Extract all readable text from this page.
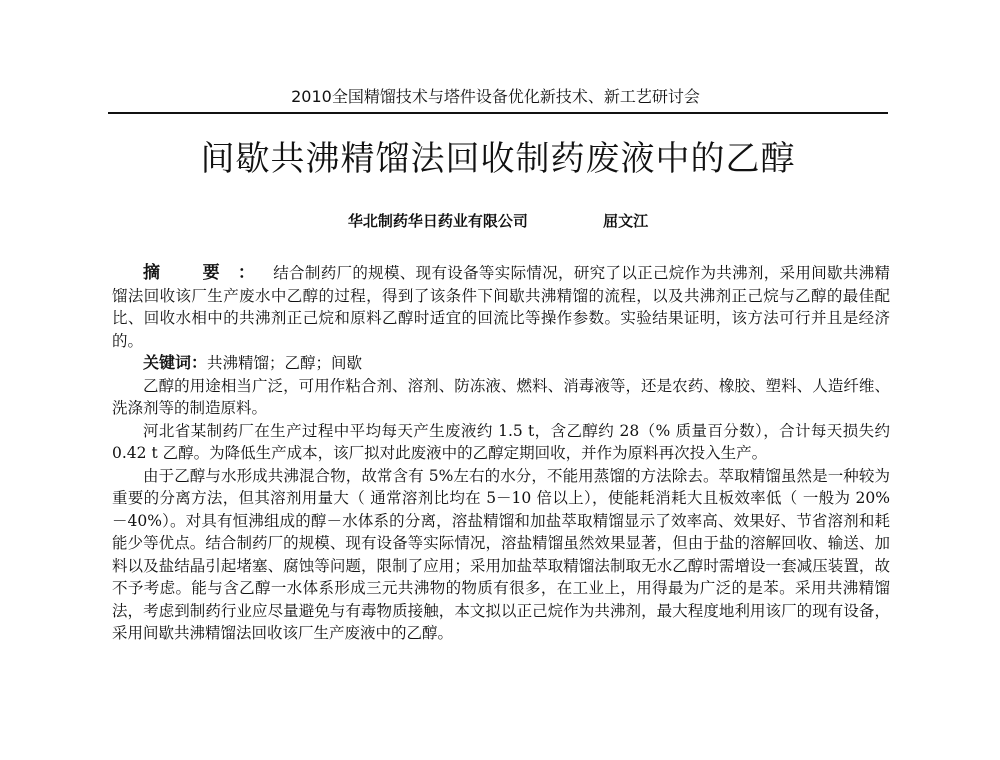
2010全国精馏技术与塔件设备优化新技术、新工艺研讨会
间歇共沸精馏法回收制药废液中的乙醇
华北制药华日药业有限公司	屈文江

摘 要：结合制药厂的规模、现有设备等实际情况，研究了以正己烷作为共沸剂，采用间歇共沸精馏法回收该厂生产废水中乙醇的过程，得到了该条件下间歇共沸精馏的流程，以及共沸剂正己烷与乙醇的最佳配比、回收水相中的共沸剂正己烷和原料乙醇时适宜的回流比等操作参数。实验结果证明，该方法可行并且是经济的。

关键词：共沸精馏；乙醇；间歇

乙醇的用途相当广泛，可用作粘合剂、溶剂、防冻液、燃料、消毒液等，还是农药、橡胶、塑料、人造纤维、洗涤剂等的制造原料。

河北省某制药厂在生产过程中平均每天产生废液约 1.5 t，含乙醇约 28（% 质量百分数），合计每天损失约 0.42 t 乙醇。为降低生产成本，该厂拟对此废液中的乙醇定期回收，并作为原料再次投入生产。

由于乙醇与水形成共沸混合物，故常含有 5%左右的水分，不能用蒸馏的方法除去。萃取精馏虽然是一种较为重要的分离方法，但其溶剂用量大（ 通常溶剂比均在 5－10 倍以上），使能耗消耗大且板效率低（ 一般为 20%－40%）。对具有恒沸组成的醇－水体系的分离，溶盐精馏和加盐萃取精馏显示了效率高、效果好、节省溶剂和耗能少等优点。结合制药厂的规模、现有设备等实际情况，溶盐精馏虽然效果显著，但由于盐的溶解回收、输送、加料以及盐结晶引起堵塞、腐蚀等问题，限制了应用；采用加盐萃取精馏法制取无水乙醇时需增设一套减压装置，故不予考虑。能与含乙醇一水体系形成三元共沸物的物质有很多，在工业上，用得最为广泛的是苯。采用共沸精馏法，考虑到制药行业应尽量避免与有毒物质接触，本文拟以正己烷作为共沸剂，最大程度地利用该厂的现有设备，采用间歇共沸精馏法回收该厂生产废液中的乙醇。
